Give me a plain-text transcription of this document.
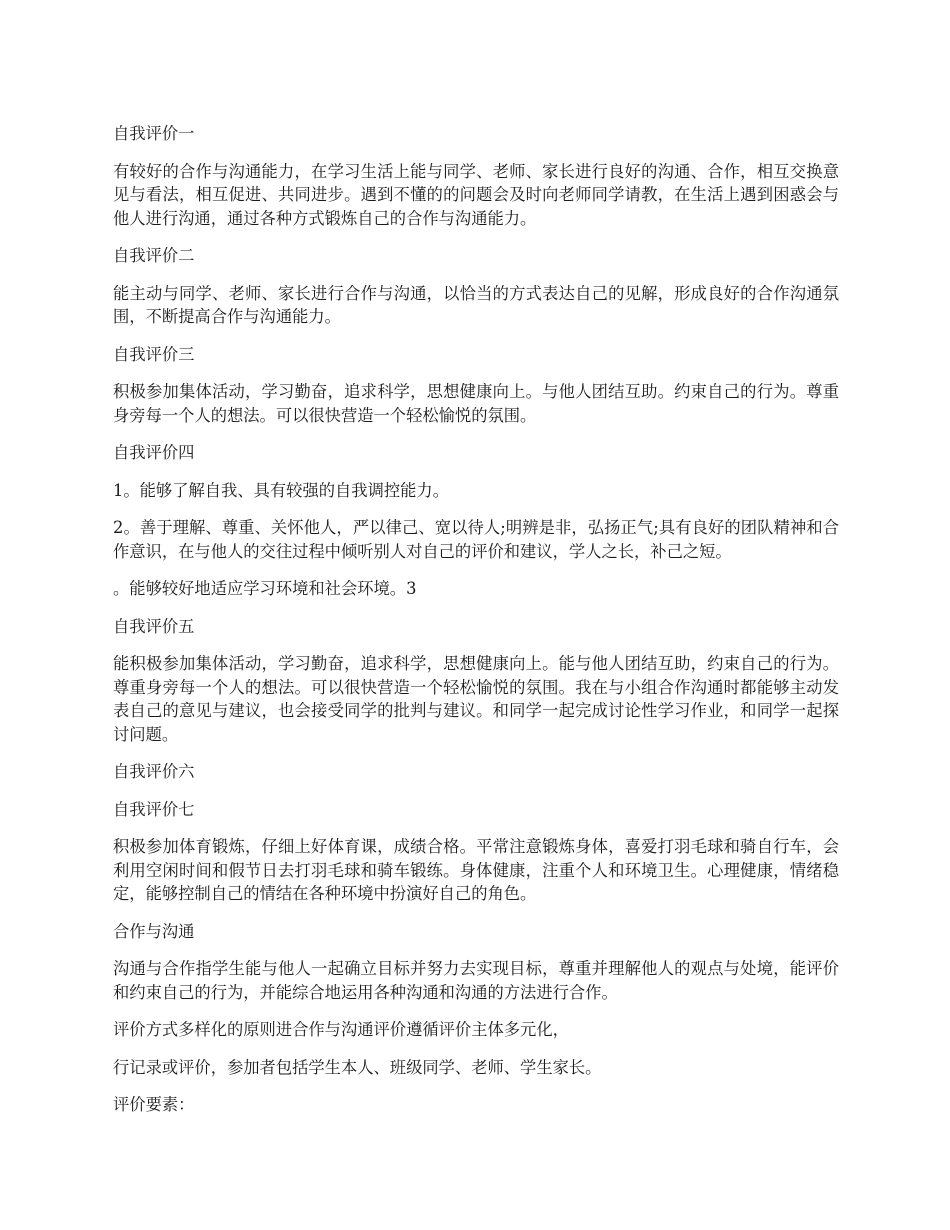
自我评价一
有较好的合作与沟通能力，在学习生活上能与同学、老师、家长进行良好的沟通、合作，相互交换意见与看法，相互促进、共同进步。遇到不懂的的问题会及时向老师同学请教，在生活上遇到困惑会与他人进行沟通，通过各种方式锻炼自己的合作与沟通能力。
自我评价二
能主动与同学、老师、家长进行合作与沟通，以恰当的方式表达自己的见解，形成良好的合作沟通氛围，不断提高合作与沟通能力。
自我评价三
积极参加集体活动，学习勤奋，追求科学，思想健康向上。与他人团结互助。约束自己的行为。尊重身旁每一个人的想法。可以很快营造一个轻松愉悦的氛围。
自我评价四
1。能够了解自我、具有较强的自我调控能力。
2。善于理解、尊重、关怀他人，严以律己、宽以待人;明辨是非，弘扬正气;具有良好的团队精神和合作意识，在与他人的交往过程中倾听别人对自己的评价和建议，学人之长，补己之短。
。能够较好地适应学习环境和社会环境。3
自我评价五
能积极参加集体活动，学习勤奋，追求科学，思想健康向上。能与他人团结互助，约束自己的行为。尊重身旁每一个人的想法。可以很快营造一个轻松愉悦的氛围。我在与小组合作沟通时都能够主动发表自己的意见与建议，也会接受同学的批判与建议。和同学一起完成讨论性学习作业，和同学一起探讨问题。
自我评价六
自我评价七
积极参加体育锻炼，仔细上好体育课，成绩合格。平常注意锻炼身体，喜爱打羽毛球和骑自行车，会利用空闲时间和假节日去打羽毛球和骑车锻练。身体健康，注重个人和环境卫生。心理健康，情绪稳定，能够控制自己的情结在各种环境中扮演好自己的角色。
合作与沟通
沟通与合作指学生能与他人一起确立目标并努力去实现目标，尊重并理解他人的观点与处境，能评价和约束自己的行为，并能综合地运用各种沟通和沟通的方法进行合作。
评价方式多样化的原则进合作与沟通评价遵循评价主体多元化，
行记录或评价，参加者包括学生本人、班级同学、老师、学生家长。
评价要素：
